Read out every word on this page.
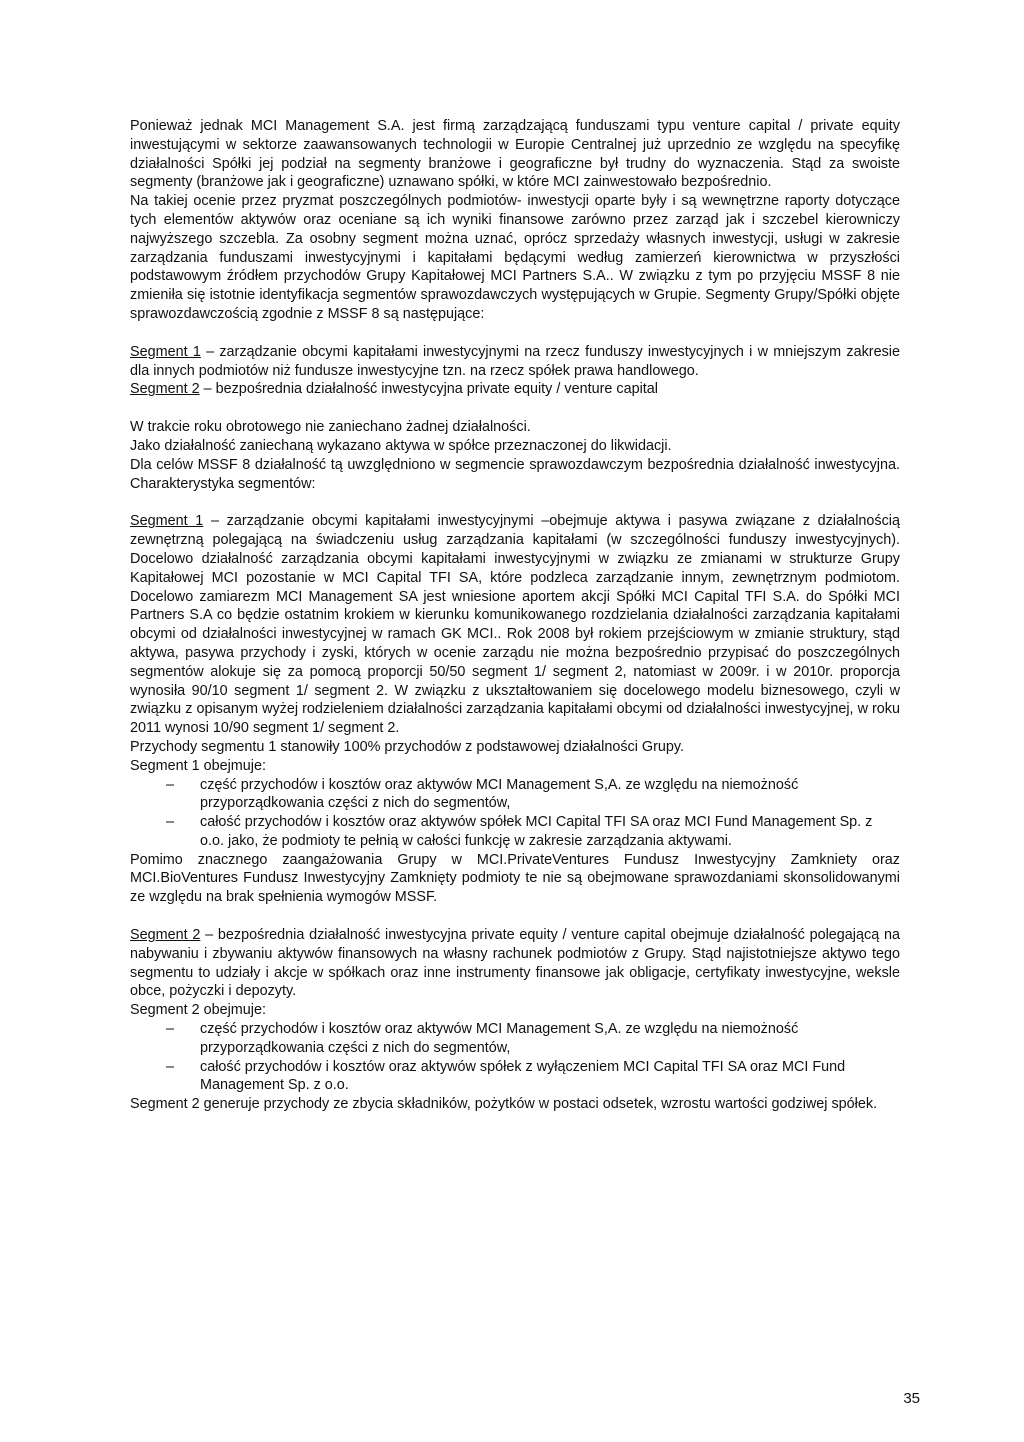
Ponieważ jednak MCI Management S.A. jest firmą zarządzającą funduszami typu venture capital / private equity inwestującymi w sektorze zaawansowanych technologii w Europie Centralnej już uprzednio ze względu na specyfikę działalności Spółki jej podział na segmenty branżowe i geograficzne był trudny do wyznaczenia. Stąd za swoiste segmenty (branżowe jak i geograficzne) uznawano spółki, w które MCI zainwestowało bezpośrednio.

Na takiej ocenie przez pryzmat poszczególnych podmiotów- inwestycji oparte były i są wewnętrzne raporty dotyczące tych elementów aktywów oraz oceniane są ich wyniki finansowe zarówno przez zarząd jak i szczebel kierowniczy najwyższego szczebla. Za osobny segment można uznać, oprócz sprzedaży własnych inwestycji, usługi w zakresie zarządzania funduszami inwestycyjnymi i kapitałami będącymi według zamierzeń kierownictwa w przyszłości podstawowym źródłem przychodów Grupy Kapitałowej MCI Partners S.A.. W związku z tym po przyjęciu MSSF 8 nie zmieniła się istotnie identyfikacja segmentów sprawozdawczych występujących w Grupie. Segmenty Grupy/Spółki objęte sprawozdawczością zgodnie z MSSF 8 są następujące:

Segment 1 – zarządzanie obcymi kapitałami inwestycyjnymi na rzecz funduszy inwestycyjnych i w mniejszym zakresie dla innych podmiotów niż fundusze inwestycyjne tzn. na rzecz spółek prawa handlowego.

Segment 2 – bezpośrednia działalność inwestycyjna private equity / venture capital

W trakcie roku obrotowego nie zaniechano żadnej działalności.

Jako działalność zaniechaną wykazano aktywa w spółce przeznaczonej do likwidacji.

Dla celów MSSF 8 działalność tą uwzględniono w segmencie sprawozdawczym bezpośrednia działalność inwestycyjna. Charakterystyka segmentów:

Segment 1 – zarządzanie obcymi kapitałami inwestycyjnymi –obejmuje aktywa i pasywa związane z działalnością zewnętrzną polegającą na świadczeniu usług zarządzania kapitałami (w szczególności funduszy inwestycyjnych). Docelowo działalność zarządzania obcymi kapitałami inwestycyjnymi w związku ze zmianami w strukturze Grupy Kapitałowej MCI pozostanie w MCI Capital TFI SA, które podzleca zarządzanie innym, zewnętrznym podmiotom. Docelowo zamiarezm MCI Management SA jest wniesione aportem akcji Spółki MCI Capital TFI S.A. do Spółki MCI Partners S.A co będzie ostatnim krokiem w kierunku komunikowanego rozdzielania działalności zarządzania kapitałami obcymi od działalności inwestycyjnej w ramach GK MCI.. Rok 2008 był rokiem przejściowym w zmianie struktury, stąd aktywa, pasywa przychody i zyski, których w ocenie zarządu nie można bezpośrednio przypisać do poszczególnych segmentów alokuje się za pomocą proporcji 50/50 segment 1/ segment 2, natomiast w 2009r. i w 2010r. proporcja wynosiła 90/10 segment 1/ segment 2. W związku z ukształtowaniem się docelowego modelu biznesowego, czyli w związku z opisanym wyżej rodzieleniem działalności zarządzania kapitałami obcymi od działalności inwestycyjnej, w roku 2011 wynosi 10/90 segment 1/ segment 2.

Przychody segmentu 1 stanowiły 100% przychodów z podstawowej działalności Grupy.

Segment 1 obejmuje:

– część przychodów i kosztów oraz aktywów MCI Management S,A. ze względu na niemożność przyporządkowania części z nich do segmentów,
– całość przychodów i kosztów oraz aktywów spółek MCI Capital TFI SA oraz MCI Fund Management Sp. z o.o. jako, że podmioty te pełnią w całości funkcję w zakresie zarządzania aktywami.

Pomimo znacznego zaangażowania Grupy w MCI.PrivateVentures Fundusz Inwestycyjny Zamkniety oraz MCI.BioVentures Fundusz Inwestycyjny Zamknięty podmioty te nie są obejmowane sprawozdaniami skonsolidowanymi ze względu na brak spełnienia wymogów MSSF.

Segment 2 – bezpośrednia działalność inwestycyjna private equity / venture capital obejmuje działalność polegającą na nabywaniu i zbywaniu aktywów finansowych na własny rachunek podmiotów z Grupy. Stąd najistotniejsze aktywo tego segmentu to udziały i akcje w spółkach oraz inne instrumenty finansowe jak obligacje, certyfikaty inwestycyjne, weksle obce, pożyczki i depozyty.

Segment 2 obejmuje:

– część przychodów i kosztów oraz aktywów MCI Management S,A. ze względu na niemożność przyporządkowania części z nich do segmentów,
– całość przychodów i kosztów oraz aktywów spółek z wyłączeniem MCI Capital TFI SA oraz MCI Fund Management Sp. z o.o.

Segment 2 generuje przychody ze zbycia składników, pożytków w postaci odsetek, wzrostu wartości godziwej spółek.

35
